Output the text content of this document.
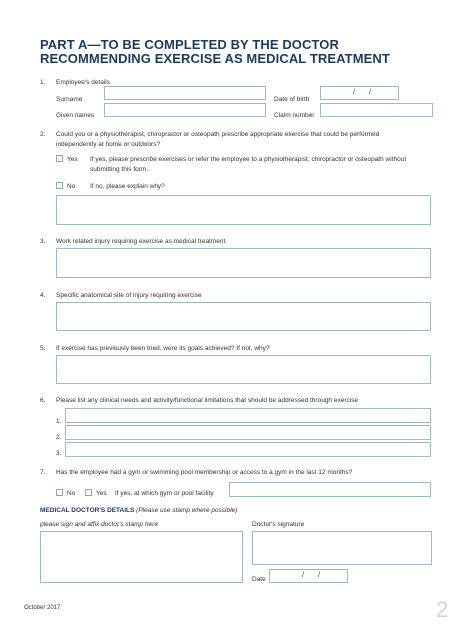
PART A—TO BE COMPLETED BY THE DOCTOR RECOMMENDING EXERCISE AS MEDICAL TREATMENT
1. Employee's details
Surname	Date of birth
/ /
Given names	Claim number
2. Could you or a physiotherapist, chiropractor or osteopath prescribe appropriate exercise that could be performed
independently at home or outdoors?
Yes If yes, please prescribe exercises or refer the employee to a physiotherapist, chiropractor or osteopath without
submitting this form.
No If no, please explain why?
3. Work related injury requiring exercise as medical treatment
4. Specific anatomical site of injury requiring exercise
5. If exercise has previously been tried, were its goals achieved? If not, why?
6. Please list any clinical needs and activity/functional limitations that should be addressed through exercise
1.
2.
3.
7. Has the employee had a gym or swimming pool membership or access to a gym in the last 12 months?
No	Yes If yes, at which gym or pool facility
MEDICAL DOCTOR'S DETAILS (Please use stamp where possible)
please sign and affix doctor's stamp here	Doctor's signature
Date
/ /
October 2017	2
